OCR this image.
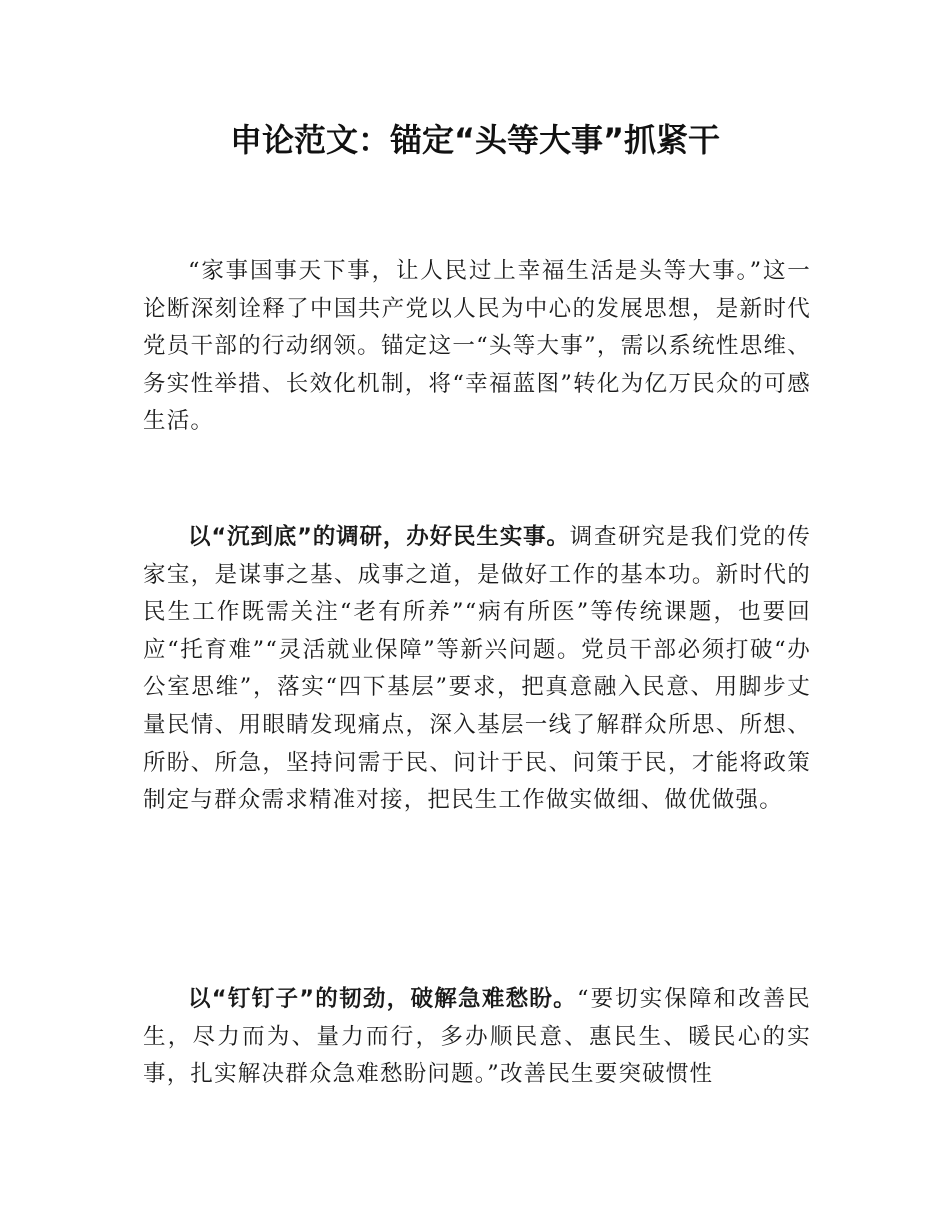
申论范文：锚定“头等大事”抓紧干

“家事国事天下事，让人民过上幸福生活是头等大事。”这一论断深刻诠释了中国共产党以人民为中心的发展思想，是新时代党员干部的行动纲领。锚定这一“头等大事”，需以系统性思维、务实性举措、长效化机制，将“幸福蓝图”转化为亿万民众的可感生活。

以“沉到底”的调研，办好民生实事。调查研究是我们党的传家宝，是谋事之基、成事之道，是做好工作的基本功。新时代的民生工作既需关注“老有所养”“病有所医”等传统课题，也要回应“托育难”“灵活就业保障”等新兴问题。党员干部必须打破“办公室思维”，落实“四下基层”要求，把真意融入民意、用脚步丈量民情、用眼睛发现痛点，深入基层一线了解群众所思、所想、所盼、所急，坚持问需于民、问计于民、问策于民，才能将政策制定与群众需求精准对接，把民生工作做实做细、做优做强。

以“钉钉子”的韧劲，破解急难愁盼。“要切实保障和改善民生，尽力而为、量力而行，多办顺民意、惠民生、暖民心的实事，扎实解决群众急难愁盼问题。”改善民生要突破惯性
